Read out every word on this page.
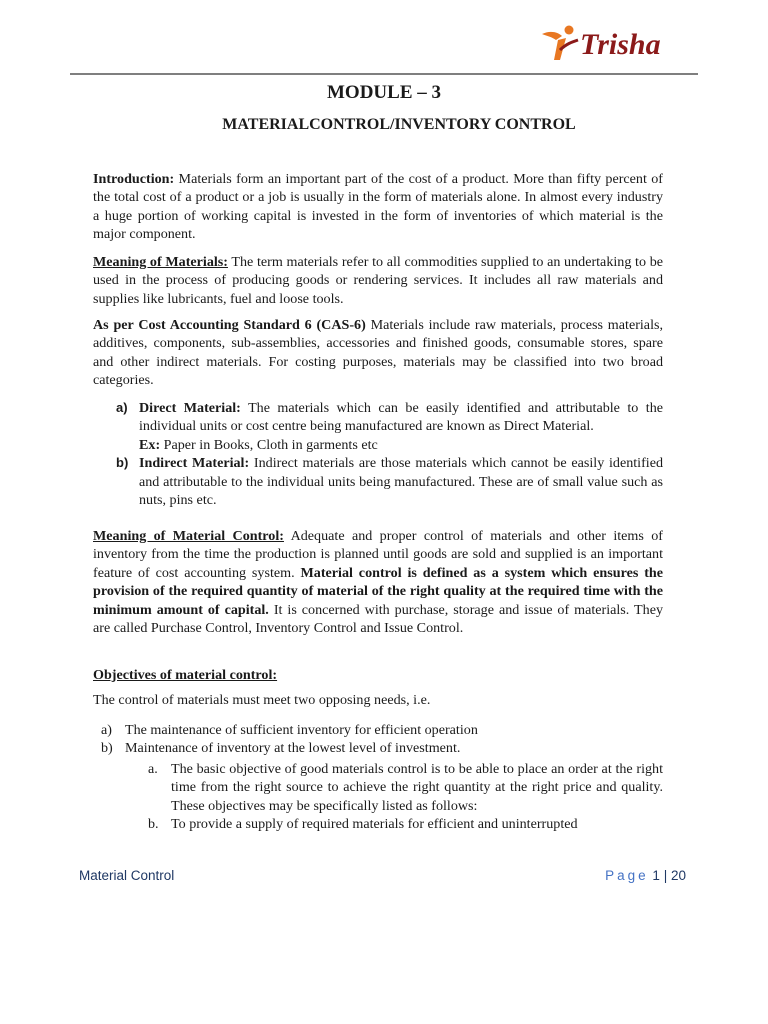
Trisha
MODULE – 3
MATERIALCONTROL/INVENTORY CONTROL

Introduction: Materials form an important part of the cost of a product. More than fifty percent of the total cost of a product or a job is usually in the form of materials alone. In almost every industry a huge portion of working capital is invested in the form of inventories of which material is the major component.

Meaning of Materials: The term materials refer to all commodities supplied to an undertaking to be used in the process of producing goods or rendering services. It includes all raw materials and supplies like lubricants, fuel and loose tools.

As per Cost Accounting Standard 6 (CAS-6) Materials include raw materials, process materials, additives, components, sub-assemblies, accessories and finished goods, consumable stores, spare and other indirect materials. For costing purposes, materials may be classified into two broad categories.

a) Direct Material: The materials which can be easily identified and attributable to the individual units or cost centre being manufactured are known as Direct Material.
Ex: Paper in Books, Cloth in garments etc
b) Indirect Material: Indirect materials are those materials which cannot be easily identified and attributable to the individual units being manufactured. These are of small value such as nuts, pins etc.

Meaning of Material Control: Adequate and proper control of materials and other items of inventory from the time the production is planned until goods are sold and supplied is an important feature of cost accounting system. Material control is defined as a system which ensures the provision of the required quantity of material of the right quality at the required time with the minimum amount of capital. It is concerned with purchase, storage and issue of materials. They are called Purchase Control, Inventory Control and Issue Control.

Objectives of material control:

The control of materials must meet two opposing needs, i.e.

a) The maintenance of sufficient inventory for efficient operation
b) Maintenance of inventory at the lowest level of investment.
a. The basic objective of good materials control is to be able to place an order at the right time from the right source to achieve the right quantity at the right price and quality. These objectives may be specifically listed as follows:
b. To provide a supply of required materials for efficient and uninterrupted
Material Control	Page 1 | 20
